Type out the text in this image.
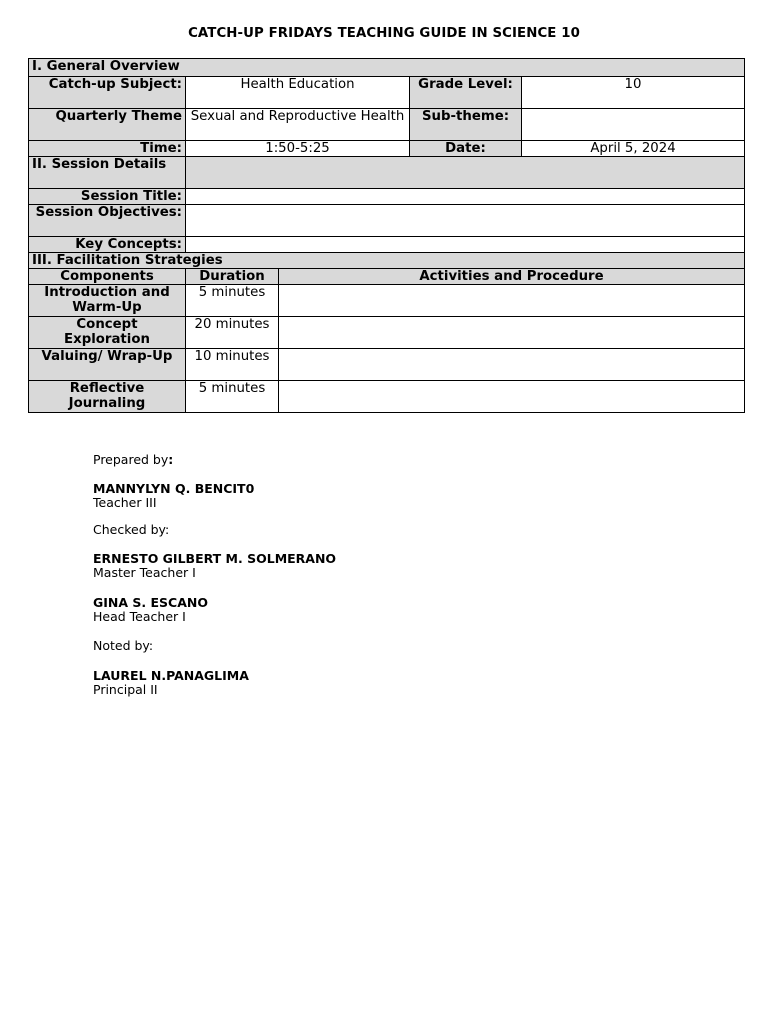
CATCH-UP FRIDAYS TEACHING GUIDE IN SCIENCE 10
I. General Overview				
Catch-up Subject:	Health Education		Grade Level:	10
Quarterly Theme	Sexual and Reproductive Health		Sub-theme:	
Time:	1:50-5:25		Date:	April 5, 2024
II. Session Details				
Session Title:				
Session Objectives:				
Key Concepts:				
III. Facilitation Strategies				
Components	Duration	Activities and Procedure		
Introduction and Warm-Up	5 minutes			
Concept Exploration	20 minutes			
Valuing/ Wrap-Up	10 minutes			
Reflective Journaling	5 minutes			
Prepared by:
MANNYLYN Q. BENCIT0
Teacher III
Checked by:
ERNESTO GILBERT M. SOLMERANO
Master Teacher I
GINA S. ESCANO
Head Teacher I
Noted by:
LAUREL N.PANAGLIMA
Principal II
